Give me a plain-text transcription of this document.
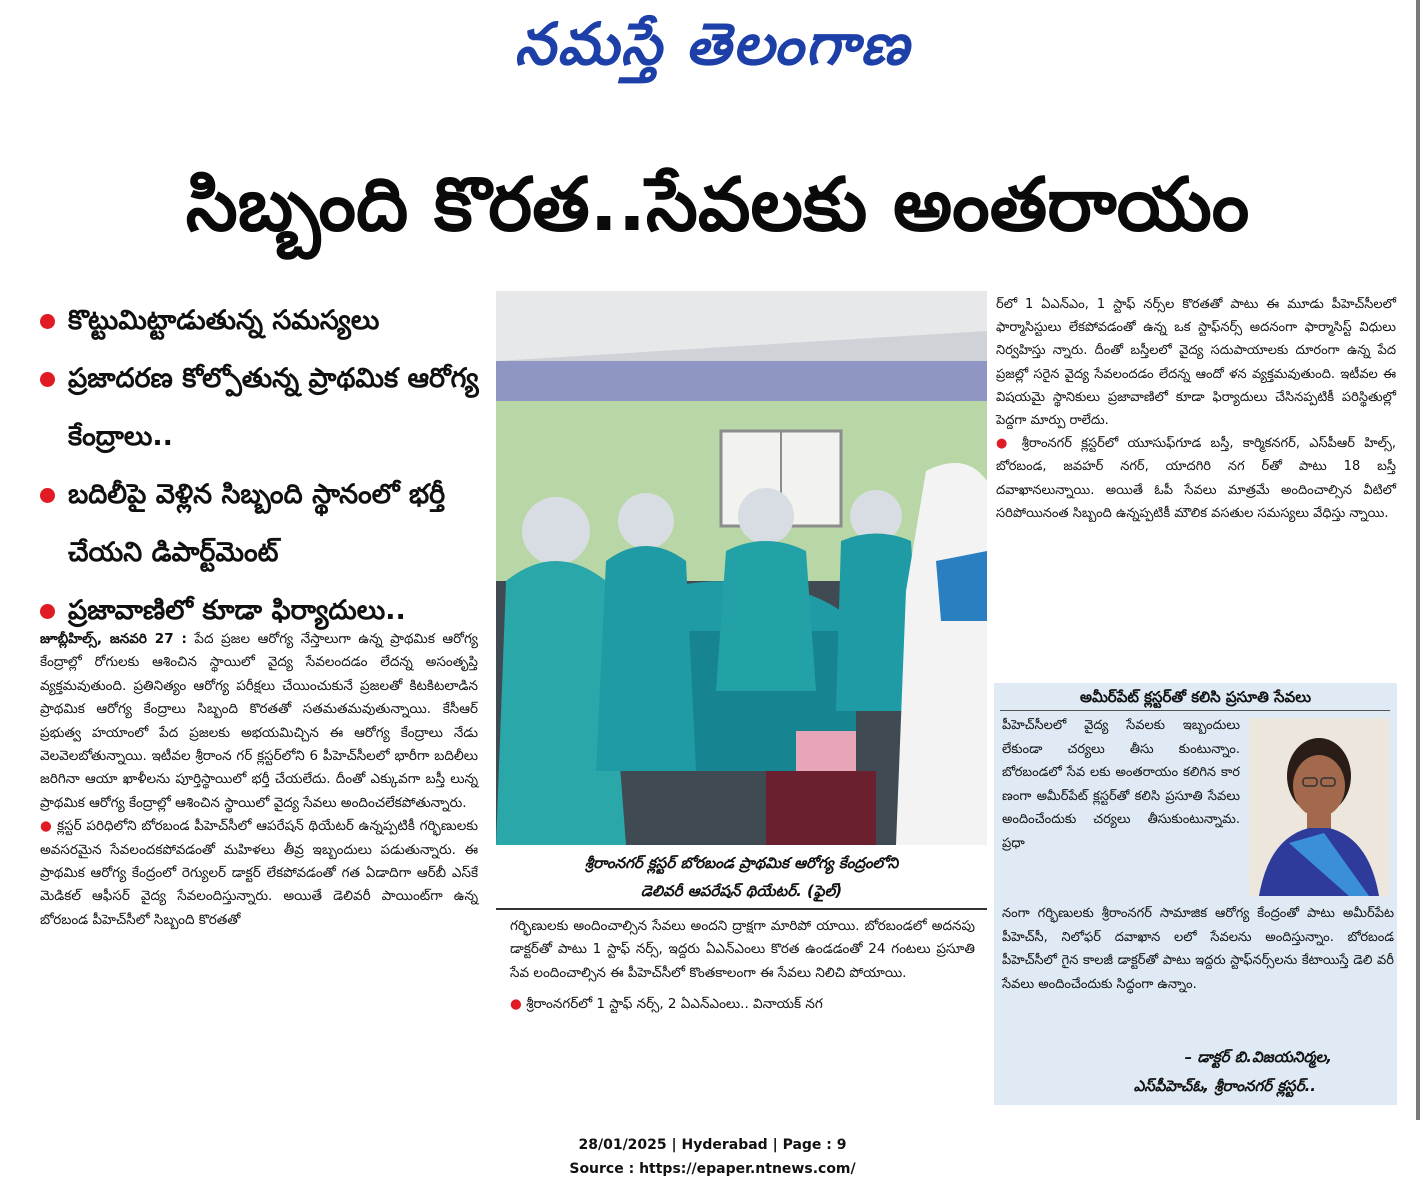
నమస్తే తెలంగాణ
సిబ్బంది కొరత..సేవలకు అంతరాయం
కొట్టుమిట్టాడుతున్న సమస్యలు
ప్రజాదరణ కోల్పోతున్న ప్రాథమిక ఆరోగ్య కేంద్రాలు..
బదిలీపై వెళ్లిన సిబ్బంది స్థానంలో భర్తీ చేయని డిపార్ట్‌మెంట్
ప్రజావాణిలో కూడా ఫిర్యాదులు..

జూబ్లీహిల్స్, జనవరి 27 : పేద ప్రజల ఆరోగ్య నేస్తాలుగా ఉన్న ప్రాథమిక ఆరోగ్య కేంద్రాల్లో రోగులకు ఆశించిన స్థాయిలో వైద్య సేవలందడం లేదన్న అసంతృప్తి వ్యక్తమవుతుంది. ప్రతినిత్యం ఆరోగ్య పరీక్షలు చేయించుకునే ప్రజలతో కిటకిటలాడిన ప్రాథమిక ఆరోగ్య కేంద్రాలు సిబ్బంది కొరతతో సతమతమవుతున్నాయి. కేసీఆర్ ప్రభుత్వ హయాంలో పేద ప్రజలకు అభయమిచ్చిన ఈ ఆరోగ్య కేంద్రాలు నేడు వెలవెలబోతున్నాయి. ఇటీవల శ్రీరాంన గర్ క్లస్టర్‌లోని 6 పీహెచ్‌సీలలో భారీగా బదిలీలు జరిగినా ఆయా ఖాళీలను పూర్తిస్థాయిలో భర్తీ చేయలేదు. దీంతో ఎక్కువగా బస్తీ లున్న ప్రాథమిక ఆరోగ్య కేంద్రాల్లో ఆశించిన స్థాయిలో వైద్య సేవలు అందించలేకపోతున్నారు.

● క్లస్టర్ పరిధిలోని బోరబండ పీహెచ్‌సీలో ఆపరేషన్ థియేటర్ ఉన్నప్పటికీ గర్భిణులకు అవసరమైన సేవలందకపోవడంతో మహిళలు తీవ్ర ఇబ్బందులు పడుతున్నారు. ఈ ప్రాథమిక ఆరోగ్య కేంద్రంలో రెగ్యులర్ డాక్టర్ లేకపోవడంతో గత ఏడాదిగా ఆర్‌బీ ఎస్‌కే మెడికల్ ఆఫీసర్ వైద్య సేవలందిస్తున్నారు. అయితే డెలివరీ పాయింట్‌గా ఉన్న బోరబండ పీహెచ్‌సీలో సిబ్బంది కొరతతో

శ్రీరాంనగర్ క్లస్టర్ బోరబండ ప్రాథమిక ఆరోగ్య కేంద్రంలోని
డెలివరీ ఆపరేషన్ థియేటర్. (ఫైల్)

గర్భిణులకు అందించాల్సిన సేవలు అందని ద్రాక్షగా మారిపో యాయి. బోరబండలో అదనపు డాక్టర్‌తో పాటు 1 స్టాఫ్ నర్స్, ఇద్దరు ఏఎన్‌ఎంలు కొరత ఉండడంతో 24 గంటలు ప్రసూతి సేవ లందించాల్సిన ఈ పీహెచ్‌సీలో కొంతకాలంగా ఈ సేవలు నిలిచి పోయాయి.

● శ్రీరాంనగర్‌లో 1 స్టాఫ్ నర్స్, 2 ఏఎన్‌ఎంలు.. వినాయక్ నగ

ర్‌లో 1 ఏఎన్‌ఎం, 1 స్టాఫ్ నర్స్‌ల కొరతతో పాటు ఈ మూడు పీహెచ్‌సీలలో ఫార్మాసిస్టులు లేకపోవడంతో ఉన్న ఒక స్టాఫ్‌నర్స్ అదనంగా ఫార్మాసిస్ట్ విధులు నిర్వహిస్తు న్నారు. దీంతో బస్తీలలో వైద్య సదుపాయాలకు దూరంగా ఉన్న పేద ప్రజల్లో సరైన వైద్య సేవలందడం లేదన్న ఆందో ళన వ్యక్తమవుతుంది. ఇటీవల ఈ విషయమై స్థానికులు ప్రజావాణిలో కూడా ఫిర్యాదులు చేసినప్పటికీ పరిస్థితుల్లో పెద్దగా మార్పు రాలేదు.

● శ్రీరాంనగర్ క్లస్టర్‌లో యూసుఫ్‌గూడ బస్తీ, కార్మికనగర్, ఎస్‌పీఆర్ హిల్స్, బోరబండ, జవహర్ నగర్, యాదగిరి నగ ర్‌తో పాటు 18 బస్తీ దవాఖానలున్నాయి. అయితే ఓపీ సేవలు మాత్రమే అందించాల్సిన వీటిలో సరిపోయినంత సిబ్బంది ఉన్నప్పటికీ మౌలిక వసతుల సమస్యలు వేధిస్తు న్నాయి.

అమీర్‌పేట్ క్లస్టర్‌తో కలిసి ప్రసూతి సేవలు
పీహెచ్‌సీలలో వైద్య సేవలకు ఇబ్బందులు లేకుండా చర్యలు తీసు కుంటున్నాం. బోరబండలో సేవ లకు అంతరాయం కలిగిన కార ణంగా అమీర్‌పేట్ క్లస్టర్‌తో కలిసి ప్రసూతి సేవలు అందించేందుకు చర్యలు తీసుకుంటున్నామ. ప్రధా
నంగా గర్భిణులకు శ్రీరాంనగర్ సామాజిక ఆరోగ్య కేంద్రంతో పాటు అమీర్‌పేట పీహెచ్‌సీ, నిలోఫర్ దవాఖాన లలో సేవలను అందిస్తున్నాం. బోరబండ పీహెచ్‌సీలో గైన కాలజీ డాక్టర్‌తో పాటు ఇద్దరు స్టాఫ్‌నర్స్‌లను కేటాయిస్తే డెలి వరీ సేవలు అందించేందుకు సిద్ధంగా ఉన్నాం.
– డాక్టర్ బి.విజయనిర్మల,
ఎస్‌పీహెచ్ఓ, శ్రీరాంనగర్ క్లస్టర్..
28/01/2025 | Hyderabad | Page : 9
Source : https://epaper.ntnews.com/
